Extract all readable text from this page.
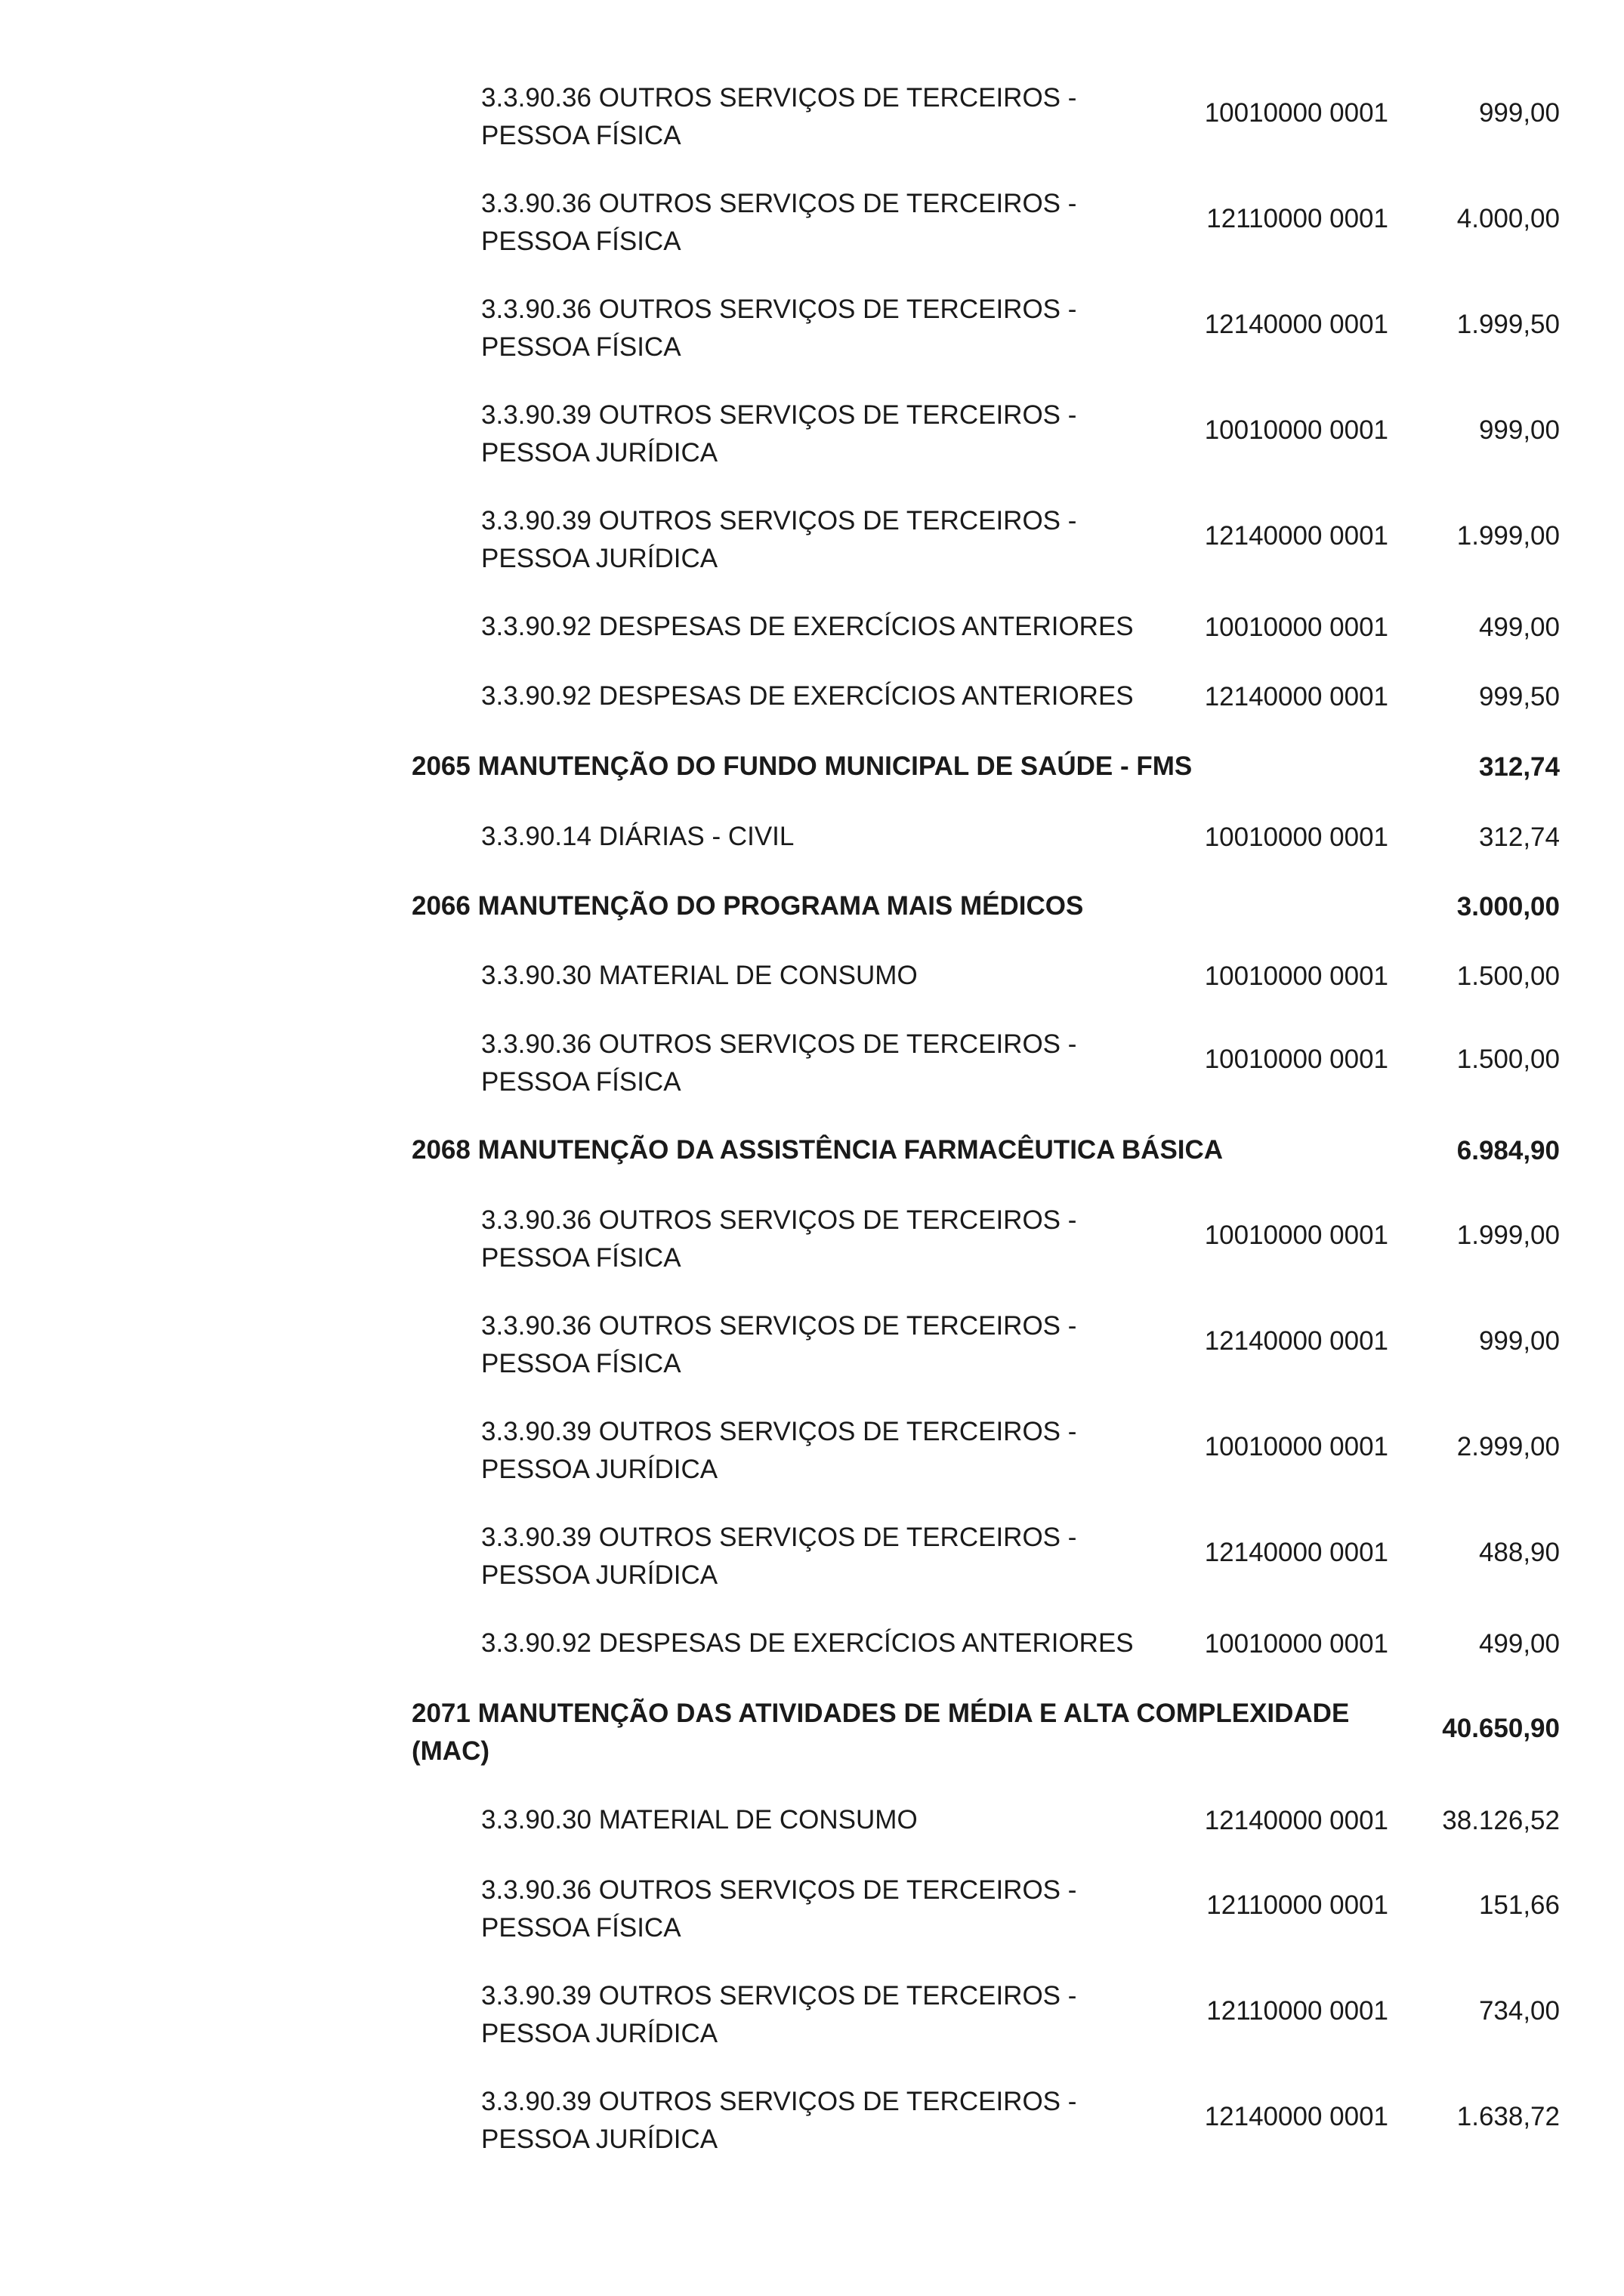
3.3.90.36 OUTROS SERVIÇOS DE TERCEIROS -
PESSOA FÍSICA
10010000 0001	999,00
3.3.90.36 OUTROS SERVIÇOS DE TERCEIROS -
PESSOA FÍSICA
12110000 0001	4.000,00
3.3.90.36 OUTROS SERVIÇOS DE TERCEIROS -
PESSOA FÍSICA
12140000 0001	1.999,50
3.3.90.39 OUTROS SERVIÇOS DE TERCEIROS -
PESSOA JURÍDICA
10010000 0001	999,00
3.3.90.39 OUTROS SERVIÇOS DE TERCEIROS -
PESSOA JURÍDICA
12140000 0001	1.999,00
3.3.90.92 DESPESAS DE EXERCÍCIOS ANTERIORES	10010000 0001	499,00
3.3.90.92 DESPESAS DE EXERCÍCIOS ANTERIORES	12140000 0001	999,50
2065 MANUTENÇÃO DO FUNDO MUNICIPAL DE SAÚDE - FMS	312,74
3.3.90.14 DIÁRIAS - CIVIL	10010000 0001	312,74
2066 MANUTENÇÃO DO PROGRAMA MAIS MÉDICOS	3.000,00
3.3.90.30 MATERIAL DE CONSUMO	10010000 0001	1.500,00
3.3.90.36 OUTROS SERVIÇOS DE TERCEIROS -
PESSOA FÍSICA
10010000 0001	1.500,00
2068 MANUTENÇÃO DA ASSISTÊNCIA FARMACÊUTICA BÁSICA	6.984,90
3.3.90.36 OUTROS SERVIÇOS DE TERCEIROS -
PESSOA FÍSICA
10010000 0001	1.999,00
3.3.90.36 OUTROS SERVIÇOS DE TERCEIROS -
PESSOA FÍSICA
12140000 0001	999,00
3.3.90.39 OUTROS SERVIÇOS DE TERCEIROS -
PESSOA JURÍDICA
10010000 0001	2.999,00
3.3.90.39 OUTROS SERVIÇOS DE TERCEIROS -
PESSOA JURÍDICA
12140000 0001	488,90
3.3.90.92 DESPESAS DE EXERCÍCIOS ANTERIORES	10010000 0001	499,00
2071 MANUTENÇÃO DAS ATIVIDADES DE MÉDIA E ALTA COMPLEXIDADE
(MAC)
40.650,90
3.3.90.30 MATERIAL DE CONSUMO	12140000 0001	38.126,52
3.3.90.36 OUTROS SERVIÇOS DE TERCEIROS -
PESSOA FÍSICA
12110000 0001	151,66
3.3.90.39 OUTROS SERVIÇOS DE TERCEIROS -
PESSOA JURÍDICA
12110000 0001	734,00
3.3.90.39 OUTROS SERVIÇOS DE TERCEIROS -
PESSOA JURÍDICA
12140000 0001	1.638,72
